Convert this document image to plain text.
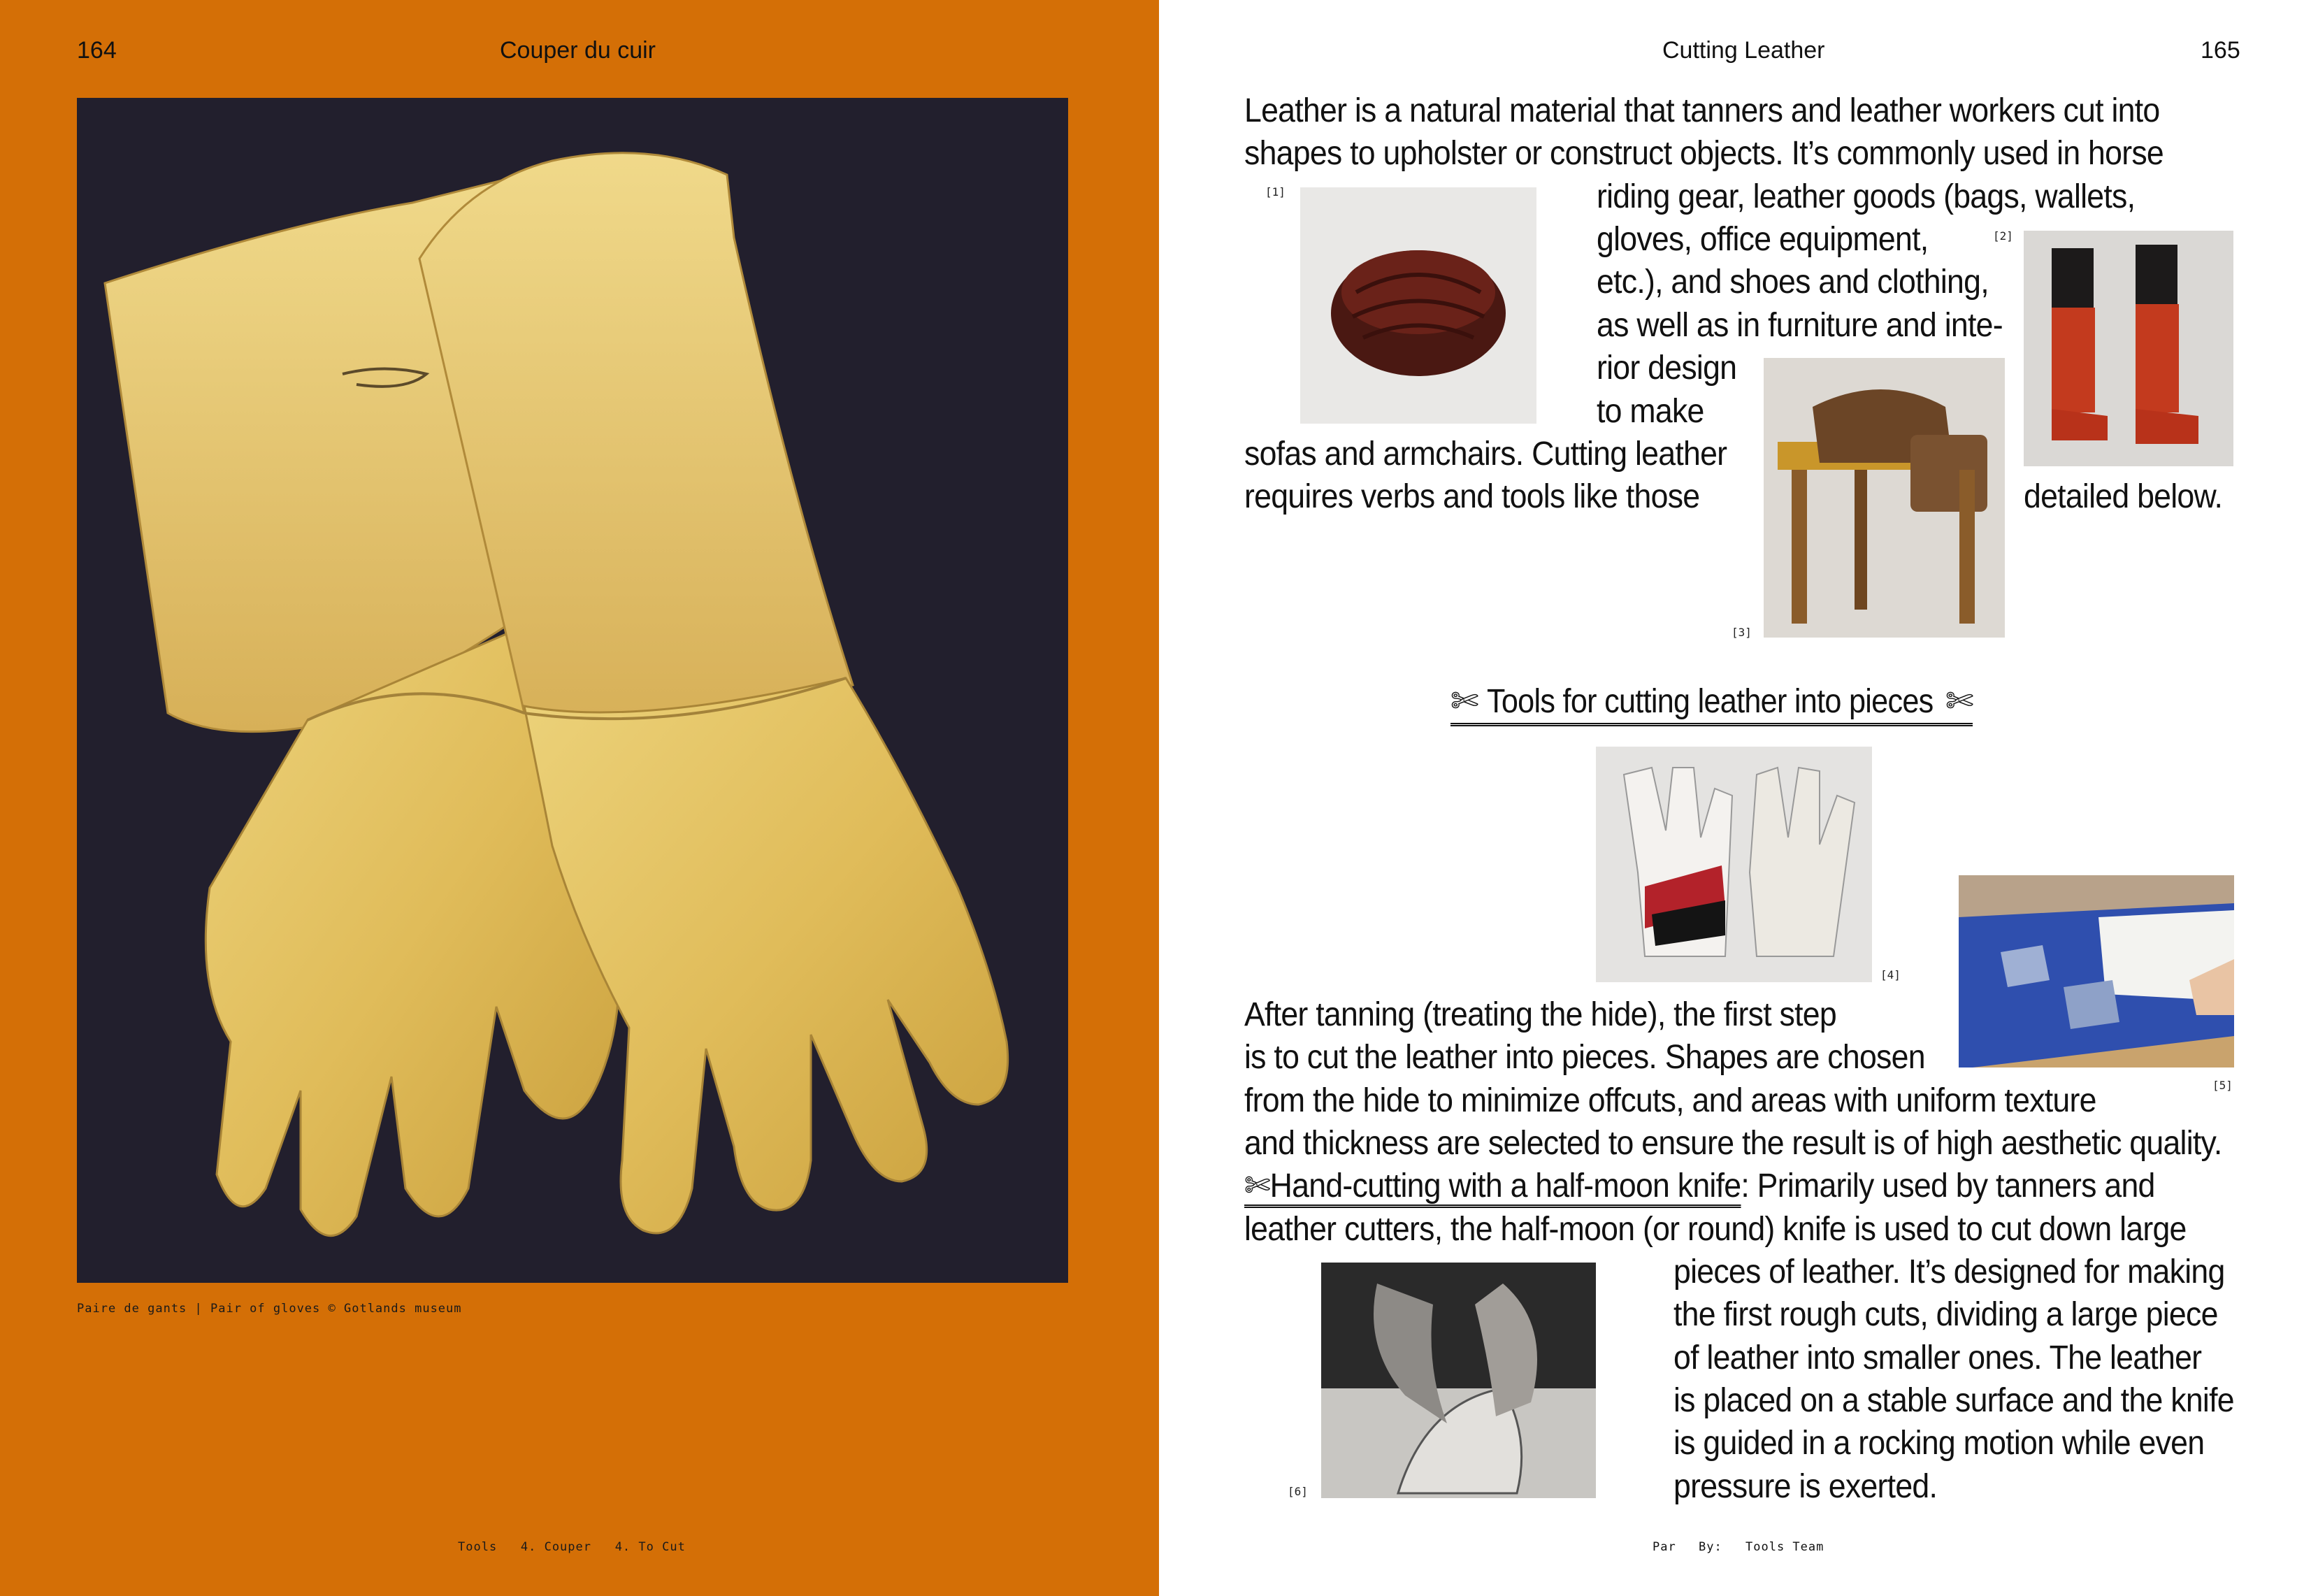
164	Couper du cuir
Paire de gants | Pair of gloves © Gotlands museum
Tools   4. Couper   4. To Cut
Cutting Leather	165
Leather is a natural material that tanners and leather workers cut into
shapes to upholster or construct objects. It’s commonly used in horse
riding gear, leather goods (bags, wallets,
gloves, office equipment,
etc.), and shoes and clothing,
as well as in furniture and inte-
rior design
to make
sofas and armchairs. Cutting leather
requires verbs and tools like those	detailed below.
[1]
[2]
[3]
✄ Tools for cutting leather into pieces ✄
[4]
[5]
After tanning (treating the hide), the first step
is to cut the leather into pieces. Shapes are chosen
from the hide to minimize offcuts, and areas with uniform texture
and thickness are selected to ensure the result is of high aesthetic quality.
✄Hand-cutting with a half-moon knife: Primarily used by tanners and
leather cutters, the half-moon (or round) knife is used to cut down large
pieces of leather. It’s designed for making
the first rough cuts, dividing a large piece
of leather into smaller ones. The leather
is placed on a stable surface and the knife
is guided in a rocking motion while even
pressure is exerted.
[6]
Par By: Tools Team
